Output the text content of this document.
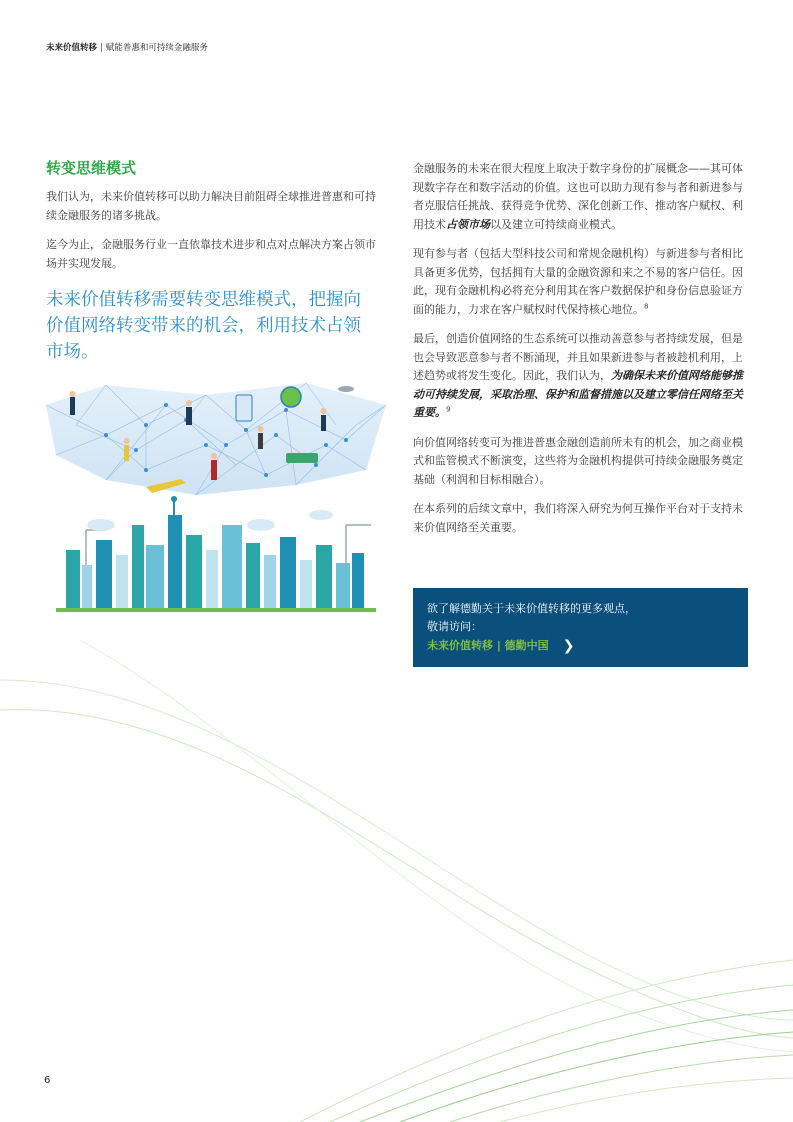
未来价值转移 | 赋能普惠和可持续金融服务
转变思维模式

我们认为，未来价值转移可以助力解决目前阻碍全球推进普惠和可持续金融服务的诸多挑战。

迄今为止，金融服务行业一直依靠技术进步和点对点解决方案占领市场并实现发展。

未来价值转移需要转变思维模式，把握向价值网络转变带来的机会，利用技术占领市场。

金融服务的未来在很大程度上取决于数字身份的扩展概念——其可体现数字存在和数字活动的价值。这也可以助力现有参与者和新进参与者克服信任挑战、获得竞争优势、深化创新工作、推动客户赋权、利用技术占领市场以及建立可持续商业模式。

现有参与者（包括大型科技公司和常规金融机构）与新进参与者相比具备更多优势，包括拥有大量的金融资源和来之不易的客户信任。因此，现有金融机构必将充分利用其在客户数据保护和身份信息验证方面的能力，力求在客户赋权时代保持核心地位。$^8$

最后，创造价值网络的生态系统可以推动善意参与者持续发展，但是也会导致恶意参与者不断涌现，并且如果新进参与者被趁机利用，上述趋势或将发生变化。因此，我们认为，为确保未来价值网络能够推动可持续发展，采取治理、保护和监督措施以及建立零信任网络至关重要。$^9$

向价值网络转变可为推进普惠金融创造前所未有的机会，加之商业模式和监管模式不断演变，这些将为金融机构提供可持续金融服务奠定基础（利润和目标相融合）。

在本系列的后续文章中，我们将深入研究为何互操作平台对于支持未来价值网络至关重要。

欲了解德勤关于未来价值转移的更多观点，
敬请访问：
未来价值转移 | 德勤中国 ❯
6
